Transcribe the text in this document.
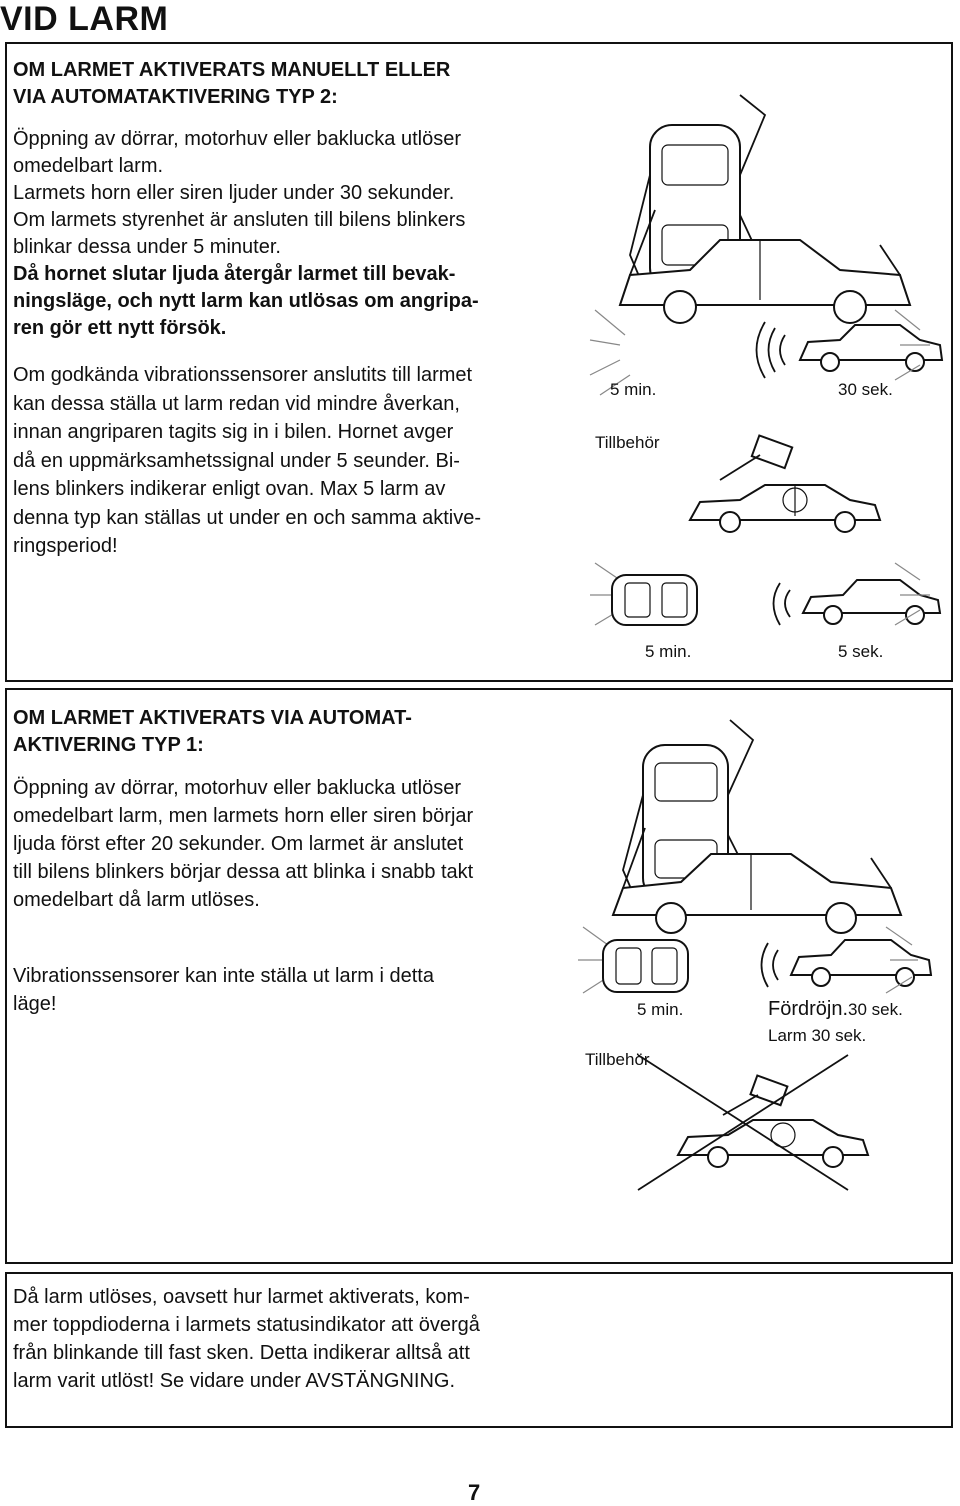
VID LARM
OM LARMET AKTIVERATS MANUELLT ELLER
VIA AUTOMATAKTIVERING TYP 2:
Öppning av dörrar, motorhuv eller baklucka utlöser
omedelbart larm.
Larmets horn eller siren ljuder under 30 sekunder.
Om larmets styrenhet är ansluten till bilens blinkers
blinkar dessa under 5 minuter.
Då hornet slutar ljuda återgår larmet till bevak-
ningsläge, och nytt larm kan utlösas om angripa-
ren gör ett nytt försök.
Om godkända vibrationssensorer anslutits till larmet
kan dessa ställa ut larm redan vid mindre åverkan,
innan angriparen tagits sig in i bilen. Hornet avger
då en uppmärksamhetssignal under 5 seunder. Bi-
lens blinkers indikerar enligt ovan. Max 5 larm av
denna typ kan ställas ut under en och samma aktive-
ringsperiod!
5 min.	30 sek.
Tillbehör
5 min.	5 sek.
OM LARMET AKTIVERATS VIA AUTOMAT-
AKTIVERING TYP 1:
Öppning av dörrar, motorhuv eller baklucka utlöser
omedelbart larm, men larmets horn eller siren börjar
ljuda först efter 20 sekunder. Om larmet är anslutet
till bilens blinkers börjar dessa att blinka i snabb takt
omedelbart då larm utlöses.
Vibrationssensorer kan inte ställa ut larm i detta
läge!	5 min.	Fördröjn.30 sek.
Larm 30 sek.
Tillbehör
Då larm utlöses, oavsett hur larmet aktiverats, kom-
mer toppdioderna i larmets statusindikator att övergå
från blinkande till fast sken. Detta indikerar alltså att
larm varit utlöst! Se vidare under AVSTÄNGNING.
7
